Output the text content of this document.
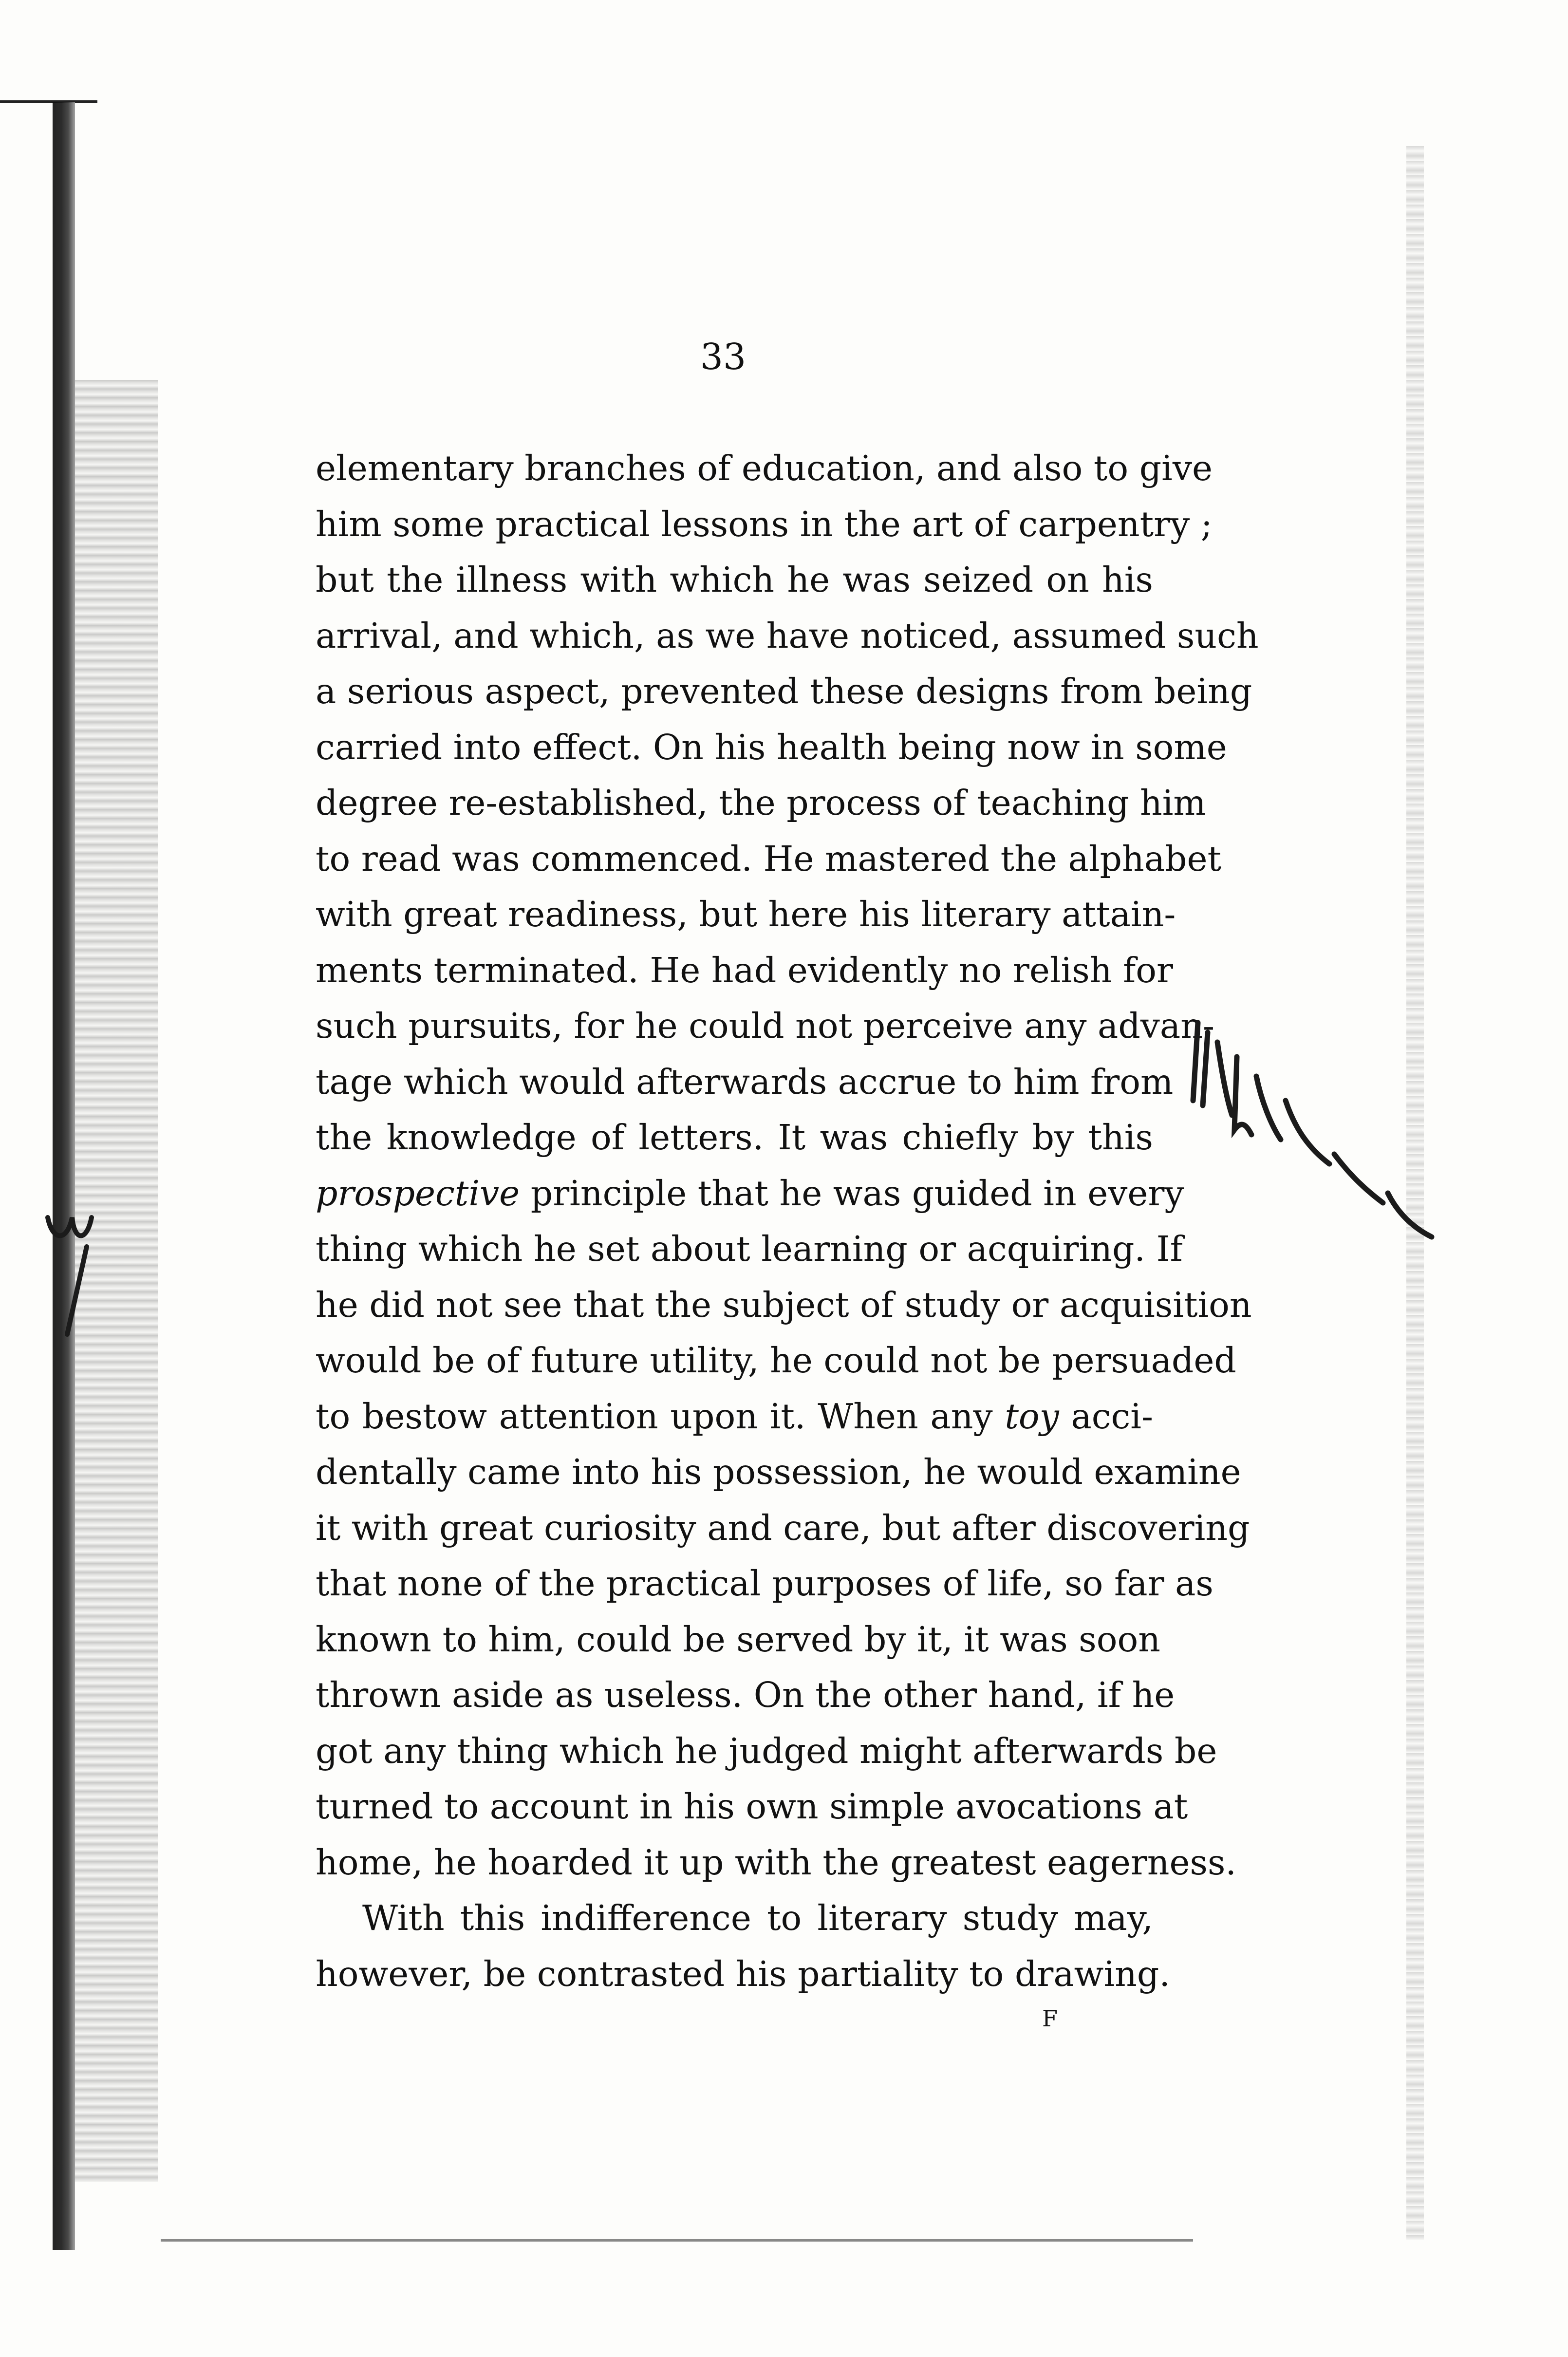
33
elementary branches of education, and also to give
him some practical lessons in the art of carpentry ;
but the illness with which he was seized on his
arrival, and which, as we have noticed, assumed such
a serious aspect, prevented these designs from being
carried into effect. On his health being now in some
degree re-established, the process of teaching him
to read was commenced. He mastered the alphabet
with great readiness, but here his literary attain-
ments terminated. He had evidently no relish for
such pursuits, for he could not perceive any advan-
tage which would afterwards accrue to him from
the knowledge of letters. It was chiefly by this
prospective principle that he was guided in every
thing which he set about learning or acquiring. If
he did not see that the subject of study or acquisition
would be of future utility, he could not be persuaded
to bestow attention upon it. When any toy acci-
dentally came into his possession, he would examine
it with great curiosity and care, but after discovering
that none of the practical purposes of life, so far as
known to him, could be served by it, it was soon
thrown aside as useless. On the other hand, if he
got any thing which he judged might afterwards be
turned to account in his own simple avocations at
home, he hoarded it up with the greatest eagerness.
With this indifference to literary study may,
however, be contrasted his partiality to drawing.
F
